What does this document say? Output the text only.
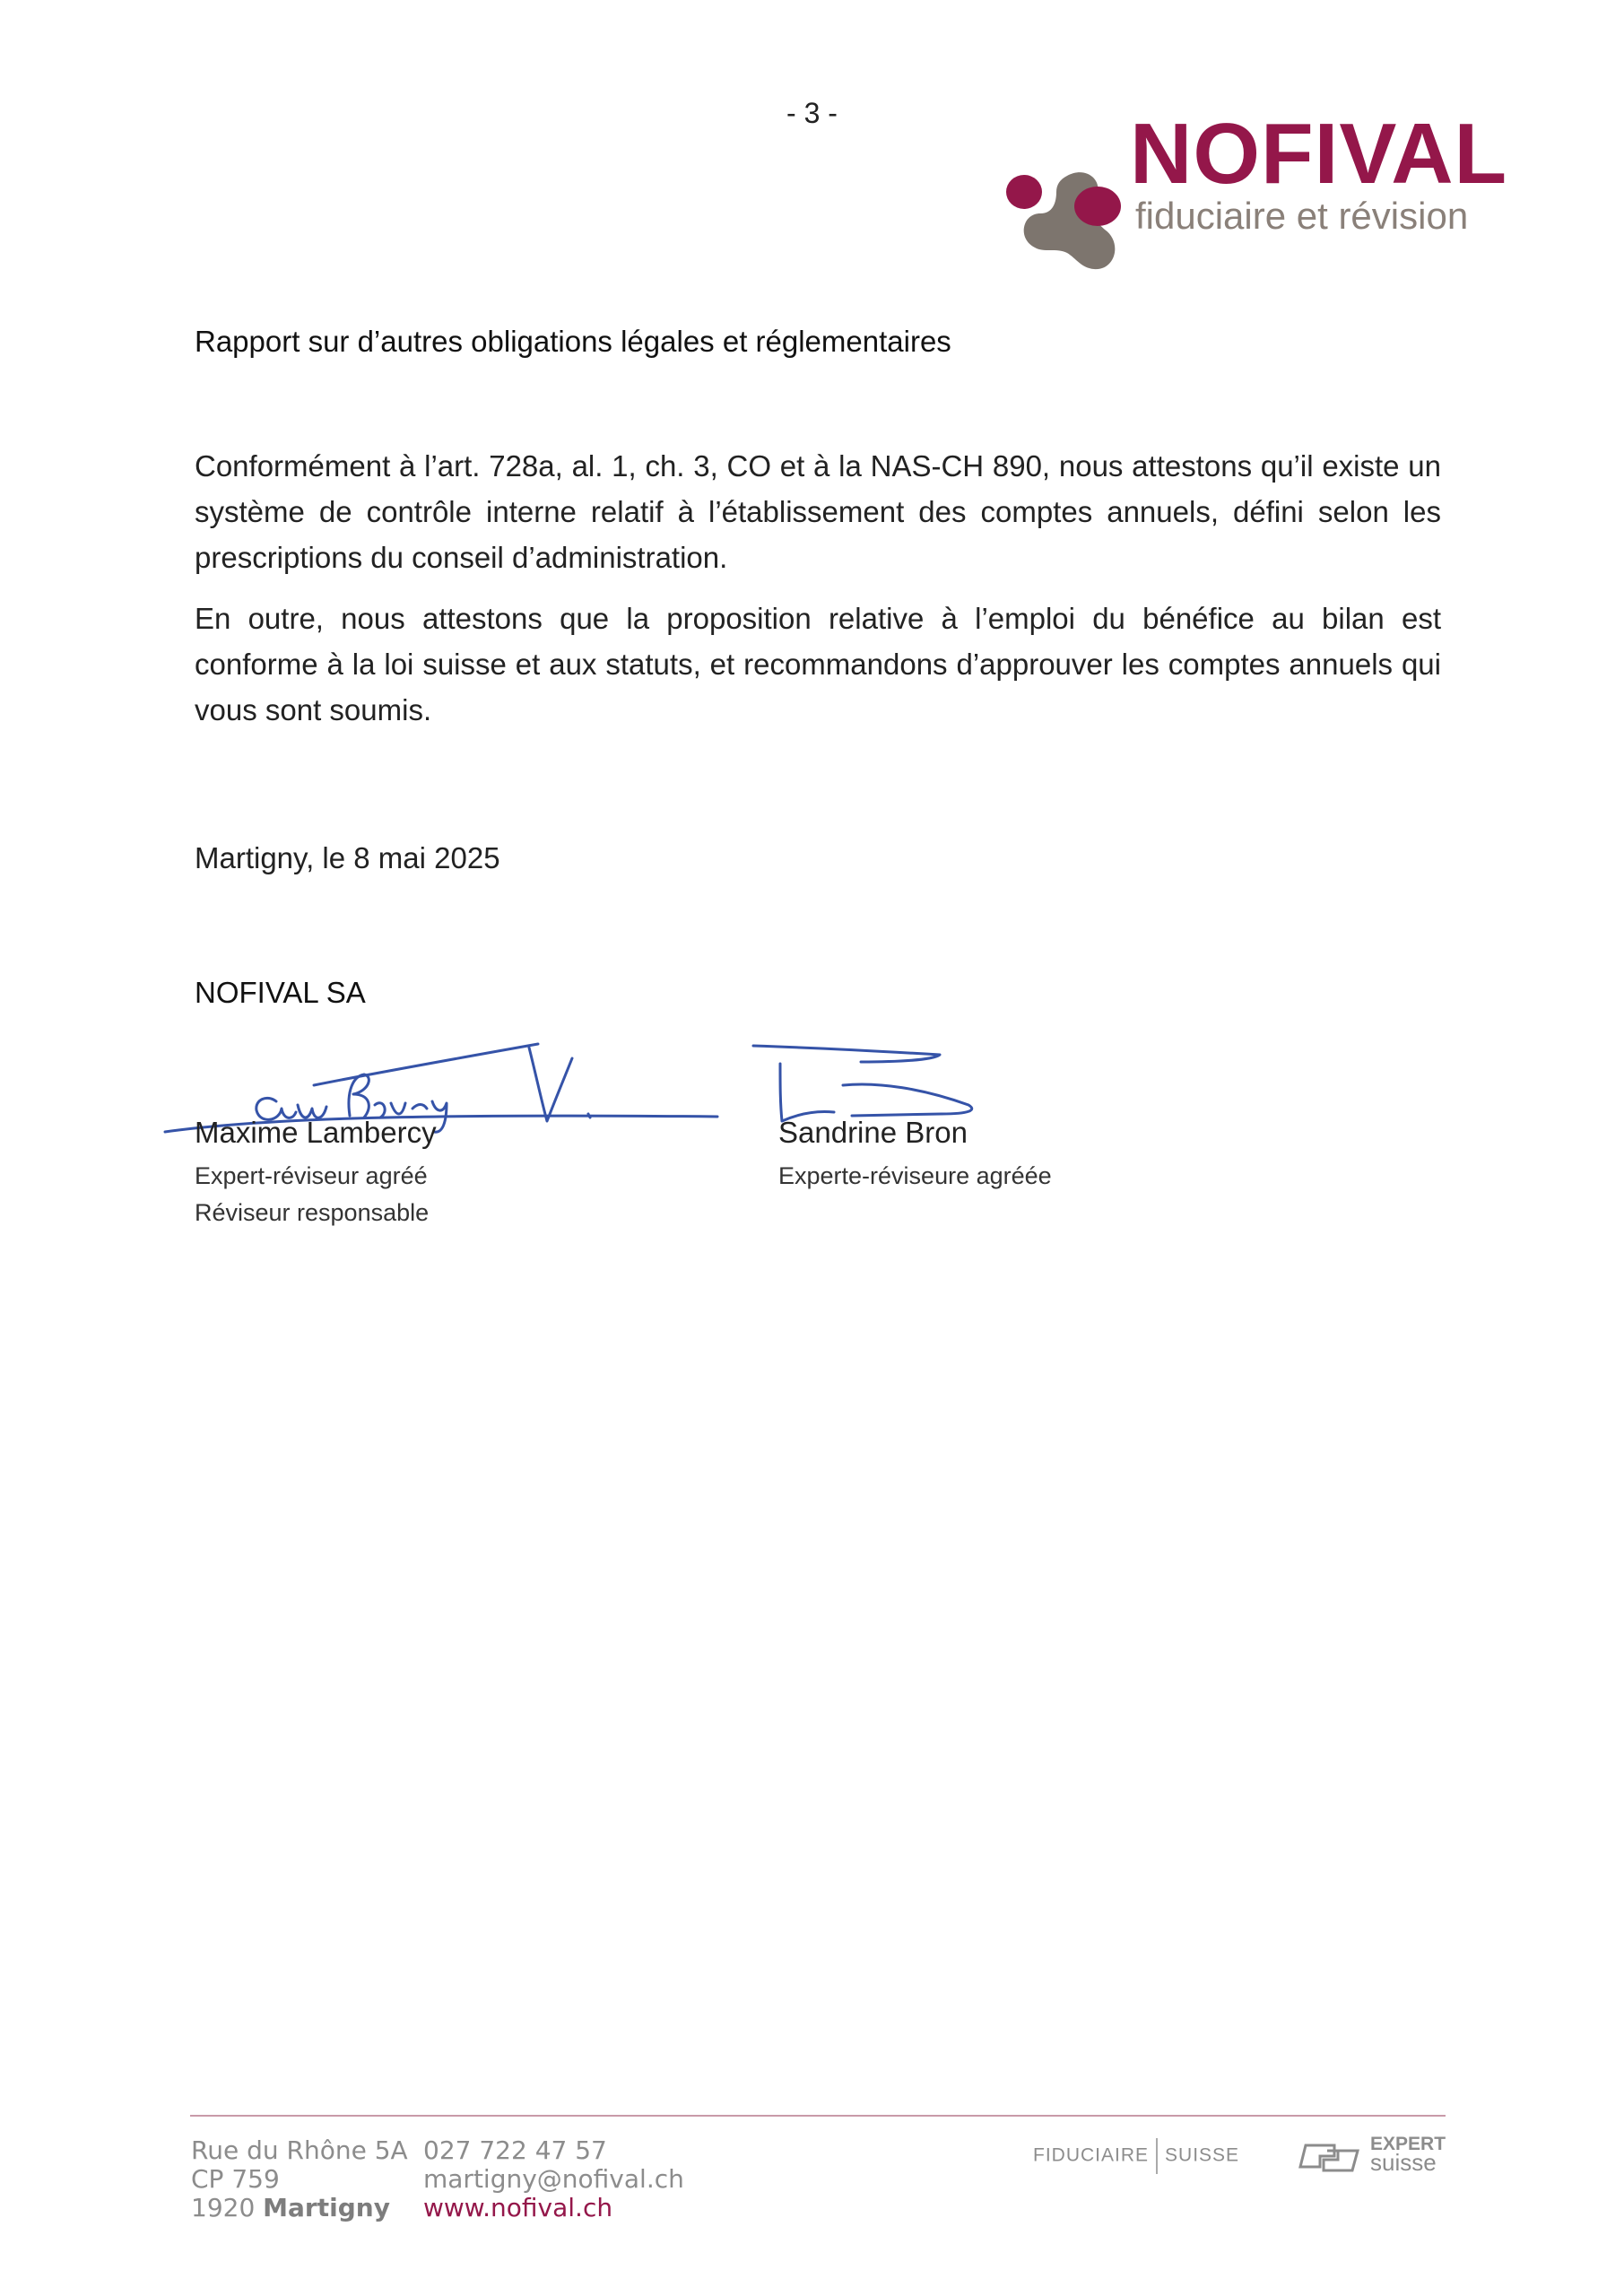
- 3 -	NOFIVAL
fiduciaire et révision
Rapport sur d’autres obligations légales et réglementaires
Conformément à l’art. 728a, al. 1, ch. 3, CO et à la NAS-CH 890, nous attestons qu’il existe un système de contrôle interne relatif à l’établissement des comptes annuels, défini selon les prescriptions du conseil d’administration.
En outre, nous attestons que la proposition relative à l’emploi du bénéfice au bilan est conforme à la loi suisse et aux statuts, et recommandons d’approuver les comptes annuels qui vous sont soumis.
Martigny, le 8 mai 2025
NOFIVAL SA
Maxime Lambercy	Sandrine Bron
Expert-réviseur agréé
Réviseur responsable
Experte-réviseure agréée
Rue du Rhône 5A
CP 759
1920 Martigny
027 722 47 57
martigny@nofival.ch
www.nofival.ch
FIDUCIAIRE SUISSE
EXPERT
suisse
